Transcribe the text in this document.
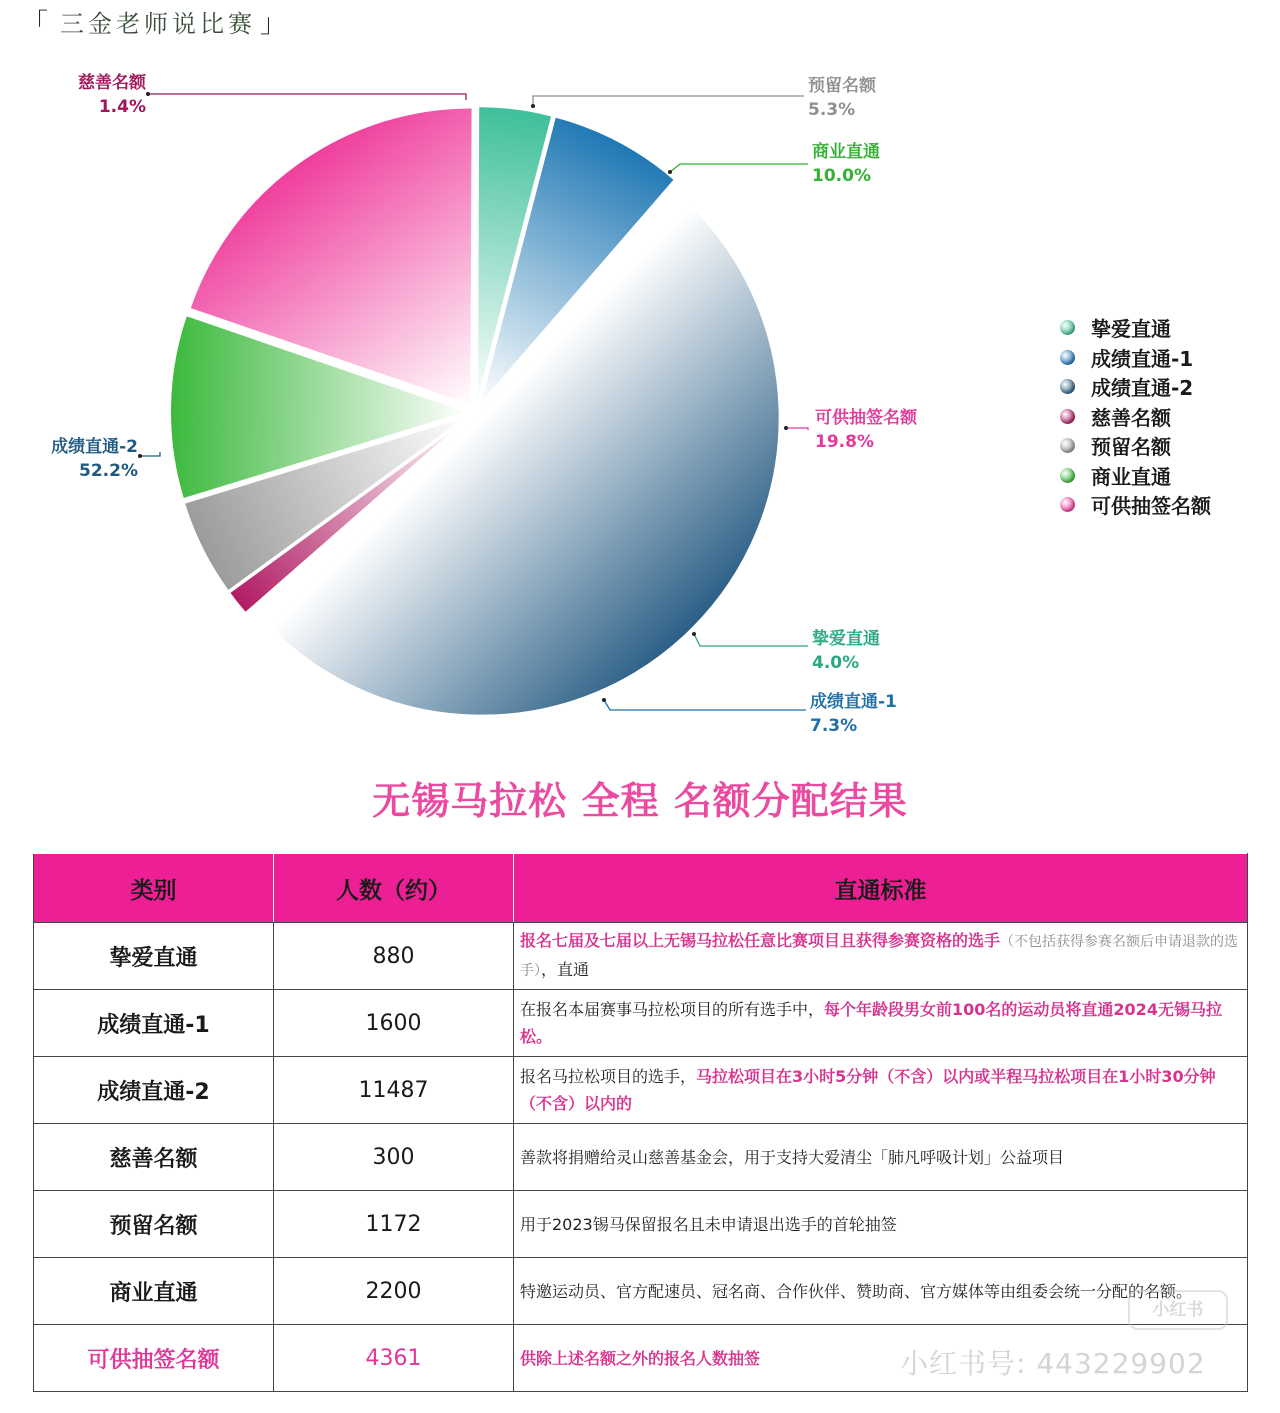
「 三金老师说比赛 」
挚爱直通
4.0%
成绩直通-1
7.3%
成绩直通-2
52.2%
慈善名额
1.4%
预留名额
5.3%
商业直通
10.0%
可供抽签名额
19.8%
挚爱直通
成绩直通-1
成绩直通-2
慈善名额
预留名额
商业直通
可供抽签名额
无锡马拉松 全程 名额分配结果
类别	人数（约）	直通标准
挚爱直通	880	报名七届及七届以上无锡马拉松任意比赛项目且获得参赛资格的选手（不包括获得参赛名额后申请退款的选手），直通
成绩直通-1	1600	在报名本届赛事马拉松项目的所有选手中，每个年龄段男女前100名的运动员将直通2024无锡马拉松。
成绩直通-2	11487	报名马拉松项目的选手，马拉松项目在3小时5分钟（不含）以内或半程马拉松项目在1小时30分钟（不含）以内的
慈善名额	300	善款将捐赠给灵山慈善基金会，用于支持大爱清尘「肺凡呼吸计划」公益项目
预留名额	1172	用于2023锡马保留报名且未申请退出选手的首轮抽签
商业直通	2200	特邀运动员、官方配速员、冠名商、合作伙伴、赞助商、官方媒体等由组委会统一分配的名额。
可供抽签名额	4361	供除上述名额之外的报名人数抽签
小红书
小红书号: 443229902
